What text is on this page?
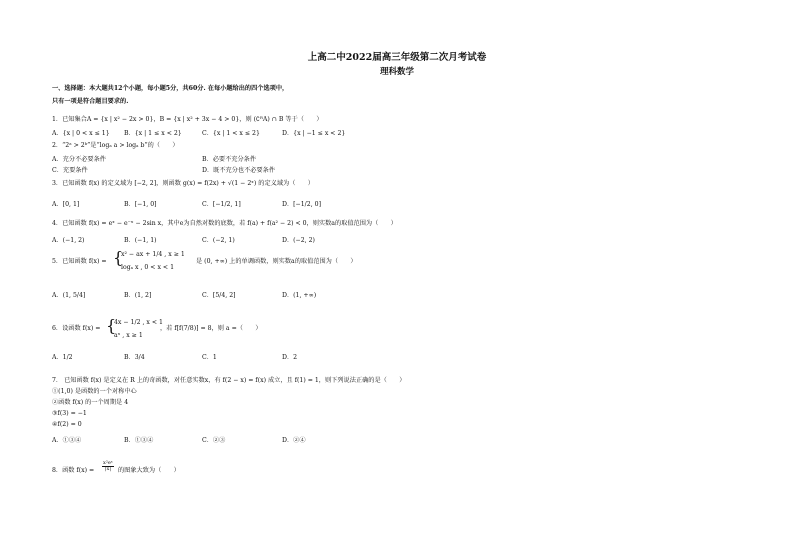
上高二中2022届高三年级第二次月考试卷
理科数学
一、选择题：本大题共12个小题，每小题5分，共60分. 在每小题给出的四个选项中，
只有一项是符合题目要求的.
1．已知集合A = {x | x² − 2x > 0}，B = {x | x² + 3x − 4 > 0}，则 (∁ᴿA) ∩ B 等于（　　）
A．{x | 0 < x ≤ 1} B．{x | 1 ≤ x < 2}	C．{x | 1 < x ≤ 2}	D．{x | −1 ≤ x < 2}
2．“2ᵃ > 2ᵇ”是“logₐ a > logₐ b”的（　　）
A．充分不必要条件	B．必要不充分条件
C．充要条件	D．既不充分也不必要条件
3．已知函数 f(x) 的定义域为 [−2, 2]，则函数 g(x) = f(2x) + √(1 − 2ˣ) 的定义域为（　　）
A．[0, 1]	B．[−1, 0]	C．[−1/2, 1]	D．[−1/2, 0]
4．已知函数 f(x) = eˣ − e⁻ˣ − 2sin x，其中e为自然对数的底数，若 f(a) + f(a² − 2) < 0，则实数a的取值范围为（　　）
A．(−1, 2)	B．(−1, 1)	C．(−2, 1)	D．(−2, 2)
5．已知函数 f(x) = {
x² − ax + 1/4 , x ≥ 1
logₐ x , 0 < x < 1
是 (0, +∞) 上的单调函数，则实数a的取值范围为（　　）
A．(1, 5/4]	B．(1, 2]	C．[5/4, 2]	D．(1, +∞)
6．设函数 f(x) = {
4x − 1/2 , x < 1
aˣ , x ≥ 1
，若 f[f(7/8)] = 8，则 a =（　　）
A．1/2	B．3/4	C．1	D．2
7． 已知函数 f(x) 是定义在 R 上的奇函数，对任意实数x，有 f(2 − x) = f(x) 成立，且 f(1) = 1，则下列说法正确的是（　　）
①(1,0) 是函数的一个对称中心
②函数 f(x) 的一个周期是 4
③f(3) = −1
④f(2) = 0
A．①③④	B．①③④	C．②③	D．②④
8．函数 $f(x) = \frac{\text{x²eˣ}}{|x|}$ 的图象大致为（　　）
